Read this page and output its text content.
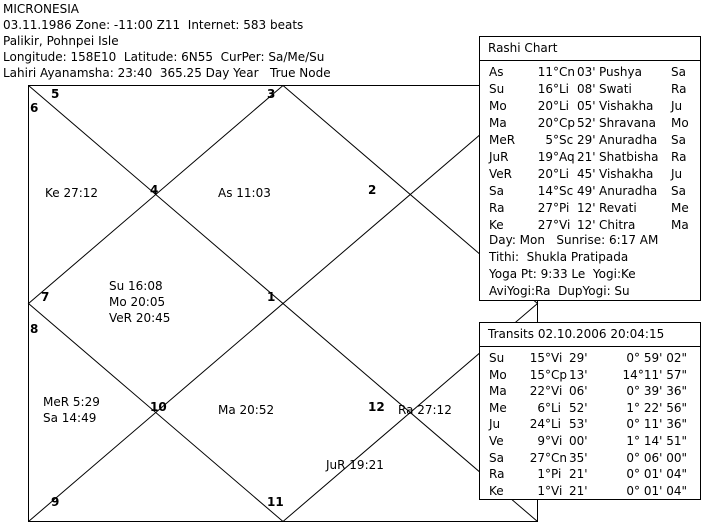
MICRONESIA
03.11.1986 Zone: -11:00 Z11  Internet: 583 beats
Palikir, Pohnpei Isle
Longitude: 158E10  Latitude: 6N55  CurPer: Sa/Me/Su
Lahiri Ayanamsha: 23:40  365.25 Day Year   True Node
5
6
3
4	2
7	1
8
10	12
9	11
Ke 27:12	As 11:03
Su 16:08
Mo 20:05
VeR 20:45
MeR 5:29
Sa 14:49
Ma 20:52	Ra 27:12
JuR 19:21
Rashi Chart
As	11° Cn 03' Pushya Sa
Su	16° Li 08' Swati	Ra
Mo	20° Li 05' Vishakha Ju
Ma	20° Cp 52' Shravana Mo
MeR	5° Sc 29' Anuradha Sa
JuR	19° Aq 21' Shatbisha Ra
VeR	20° Li 45' Vishakha Ju
Sa	14° Sc 49' Anuradha Sa
Ra	27° Pi 12' Revati	Me
Ke	27° Vi 12' Chitra	Ma
Day: Mon   Sunrise: 6:17 AM
Tithi:  Shukla Pratipada
Yoga Pt: 9:33 Le  Yogi:Ke
AviYogi:Ra  DupYogi: Su
Transits 02.10.2006 20:04:15
Su	15° Vi 29'	0° 59' 02"
Mo	15° Cp 13'	14°11' 57"
Ma	22° Vi 06'	0° 39' 36"
Me	6° Li 52'	1° 22' 56"
Ju	24° Li 53'	0° 11' 36"
Ve	9° Vi 00'	1° 14' 51"
Sa	27° Cn 35'	0° 06' 00"
Ra	1° Pi 21'	0° 01' 04"
Ke	1° Vi 21'	0° 01' 04"
